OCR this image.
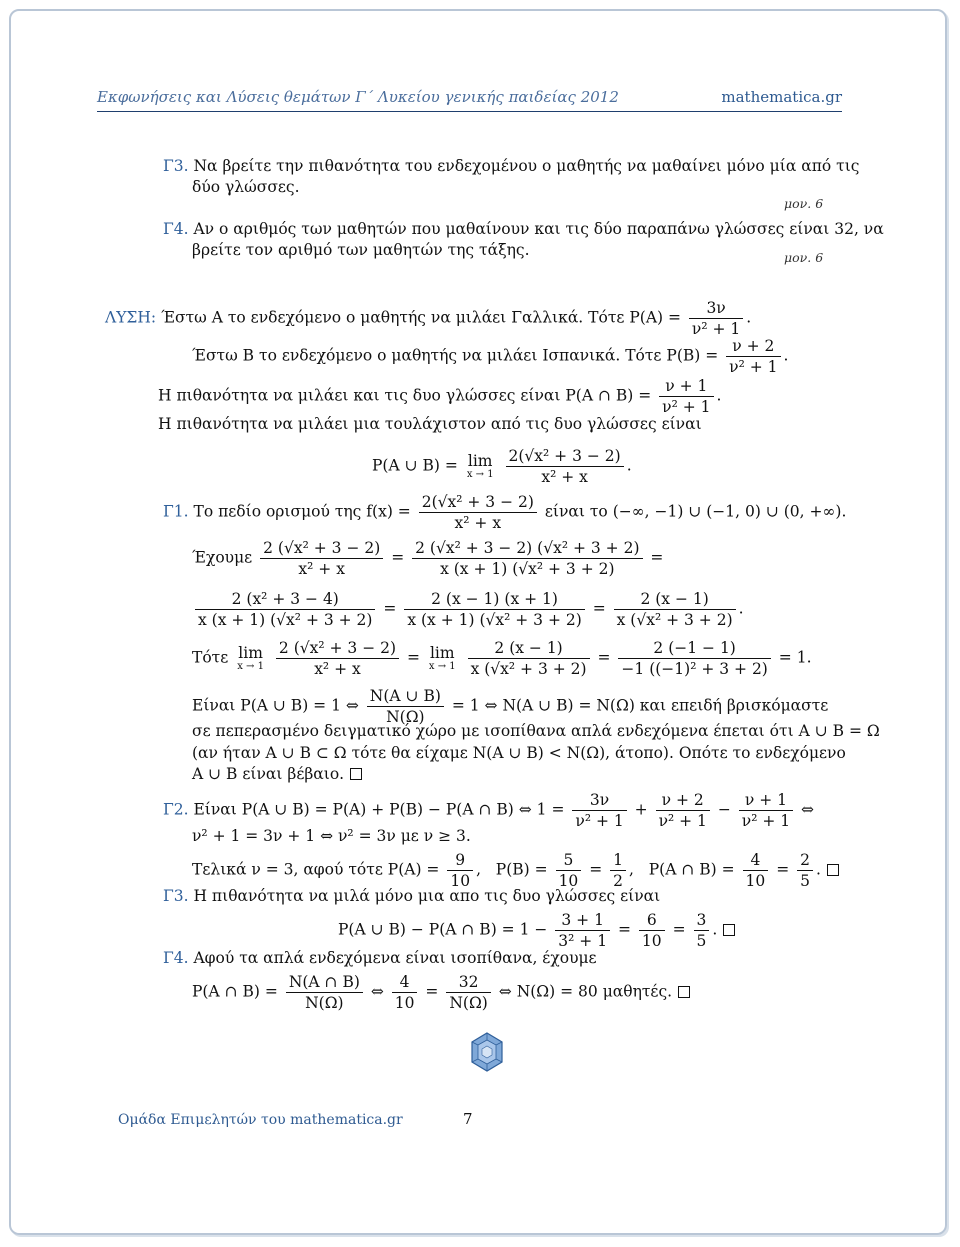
Εκφωνήσεις και Λύσεις θεμάτων Γ΄ Λυκείου γενικής παιδείας 2012	mathematica.gr
Γ3. Να βρείτε την πιθανότητα του ενδεχομένου ο μαθητής να μαθαίνει μόνο μία από τις
δύο γλώσσες.
μον. 6
Γ4. Αν ο αριθμός των μαθητών που μαθαίνουν και τις δύο παραπάνω γλώσσες είναι 32, να
βρείτε τον αριθμό των μαθητών της τάξης.	μον. 6
ΛΥΣΗ: Έστω A το ενδεχόμενο ο μαθητής να μιλάει Γαλλικά. Τότε $P(A) = \frac{3\nu}{\text{ν² + 1}}$ .
Έστω B το ενδεχόμενο ο μαθητής να μιλάει Ισπανικά. Τότε $P(B) = \frac{\nu + 2}{\text{ν² + 1}}$ .
Η πιθανότητα να μιλάει και τις δυο γλώσσες είναι P(A ∩ $B) = \frac{\nu + 1}{\text{ν² + 1}}$ .
Η πιθανότητα να μιλάει μια τουλάχιστον από τις δυο γλώσσες είναι
P(A ∪ B) = lim
x → 1
$\frac{\text{2(√x² + 3 − 2)}}{\text{x² + x}}$ .
Γ1. Το πεδίο ορισμού της $f(x) = \frac{\text{2(√x² + 3 − 2)}}{\text{x² + x}}$ είναι το (−∞, −1) ∪ (−1, 0) ∪ (0, +∞).
Έχουμε $\frac{\text{2 (√x² + 3 − 2)}}{\text{x² + x}} = \frac{\text{2 (√x² + 3 − 2) (√x² + 3 + 2)}}{\text{x (x + 1) (√x² + 3 + 2)}}$ =
$\frac{\text{2 (x² + 3 − 4)}}{\text{x (x + 1) (√x² + 3 + 2)}} = \frac{2 (x - 1) (x + 1)}{\text{x (x + 1) (√x² + 3 + 2)}} = \frac{2 (x - 1)}{\text{x (√x² + 3 + 2)}}$ .
Τότε lim
x → 1
$\frac{\text{2 (√x² + 3 − 2)}}{\text{x² + x}} = \lim$
x → 1
$\frac{2 (x - 1)}{\text{x (√x² + 3 + 2)}} = \frac{2 (-1 - 1)}{\text{−1 ((−1)² + 3 + 2)}} = 1$.
Είναι P(A ∪ B) = 1 ⇔ $\frac{N(A \cup B)}{N(\Omega)} = 1$ ⇔ N(A ∪ B) = N(Ω) και επειδή βρισκόμαστε
σε πεπερασμένο δειγματικό χώρο με ισοπίθανα απλά ενδεχόμενα έπεται ότι A ∪ B = Ω
(αν ήταν A ∪ B ⊂ Ω τότε θα είχαμε N(A ∪ B) < N(Ω), άτοπο). Οπότε το ενδεχόμενο
A ∪ B είναι βέβαιο.
Γ2. Είναι P(A ∪ B) = P(A) + P(B) − P(A ∩ B) ⇔ $1 = \frac{3\nu}{\text{ν² + 1}} + \frac{\nu + 2}{\text{ν² + 1}} - \frac{\nu + 1}{\text{ν² + 1}}$ ⇔
ν² + 1 = 3ν + 1 ⇔ ν² = 3ν με ν ≥ 3.
Τελικά ν = 3, αφού τότε $P(A) = \frac{9}{10}$ ,   $P(B) = \frac{5}{10} = \frac{1}{2}$ ,   P(A ∩ $B) = \frac{4}{10} = \frac{2}{5}$ .
Γ3. Η πιθανότητα να μιλά μόνο μια απο τις δυο γλώσσες είναι
P(A ∪ B) − P(A ∩ $B) = 1 - \frac{3 + 1}{\text{3² + 1}} = \frac{6}{10} = \frac{3}{5}$ .
Γ4. Αφού τα απλά ενδεχόμενα είναι ισοπίθανα, έχουμε
P(A ∩ $B) = \frac{N(A \cap B)}{N(\Omega)}$ ⇔ $\frac{4}{10} = \frac{32}{N(\Omega)}$ ⇔ N(Ω) = 80 μαθητές.
Ομάδα Επιμελητών του mathematica.gr	7
